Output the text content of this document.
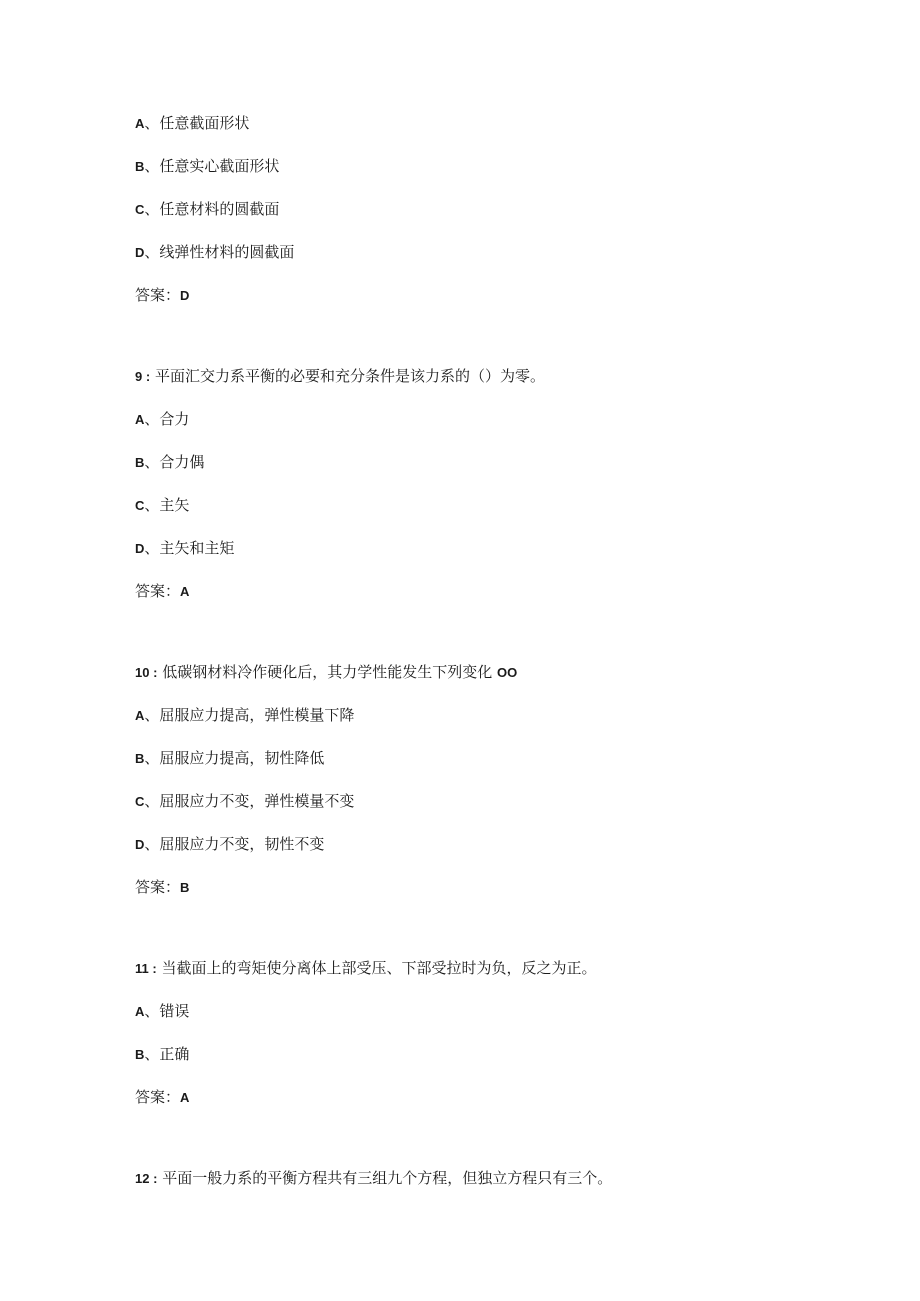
A、任意截面形状
B、任意实心截面形状
C、任意材料的圆截面
D、线弹性材料的圆截面
答案：D
9 : 平面汇交力系平衡的必要和充分条件是该力系的（）为零。
A、合力
B、合力偶
C、主矢
D、主矢和主矩
答案：A
10 : 低碳钢材料冷作硬化后，其力学性能发生下列变化 OO
A、屈服应力提高，弹性模量下降
B、屈服应力提高，韧性降低
C、屈服应力不变，弹性模量不变
D、屈服应力不变，韧性不变
答案：B
11 : 当截面上的弯矩使分离体上部受压、下部受拉时为负，反之为正。
A、错误
B、正确
答案：A
12 : 平面一般力系的平衡方程共有三组九个方程，但独立方程只有三个。
